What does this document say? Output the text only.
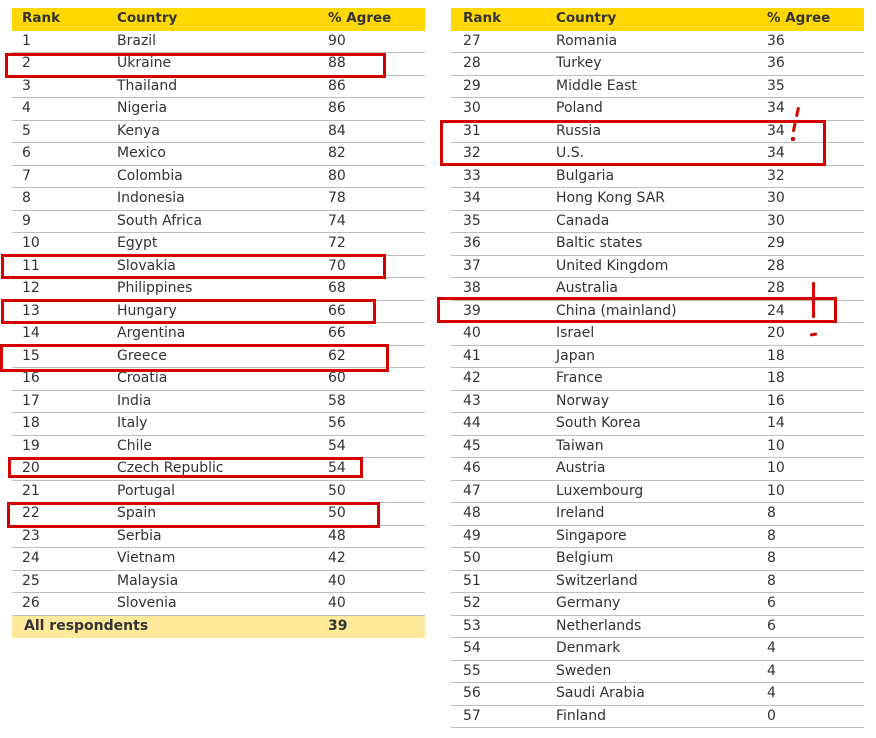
Rank	Country	% Agree
1	Brazil	90
2	Ukraine	88
3	Thailand	86
4	Nigeria	86
5	Kenya	84
6	Mexico	82
7	Colombia	80
8	Indonesia	78
9	South Africa	74
10	Egypt	72
11	Slovakia	70
12	Philippines	68
13	Hungary	66
14	Argentina	66
15	Greece	62
16	Croatia	60
17	India	58
18	Italy	56
19	Chile	54
20	Czech Republic	54
21	Portugal	50
22	Spain	50
23	Serbia	48
24	Vietnam	42
25	Malaysia	40
26	Slovenia	40
All respondents	39
Rank	Country	% Agree
27	Romania	36
28	Turkey	36
29	Middle East	35
30	Poland	34
31	Russia	34
32	U.S.	34
33	Bulgaria	32
34	Hong Kong SAR	30
35	Canada	30
36	Baltic states	29
37	United Kingdom	28
38	Australia	28
39	China (mainland)	24
40	Israel	20
41	Japan	18
42	France	18
43	Norway	16
44	South Korea	14
45	Taiwan	10
46	Austria	10
47	Luxembourg	10
48	Ireland	8
49	Singapore	8
50	Belgium	8
51	Switzerland	8
52	Germany	6
53	Netherlands	6
54	Denmark	4
55	Sweden	4
56	Saudi Arabia	4
57	Finland	0
